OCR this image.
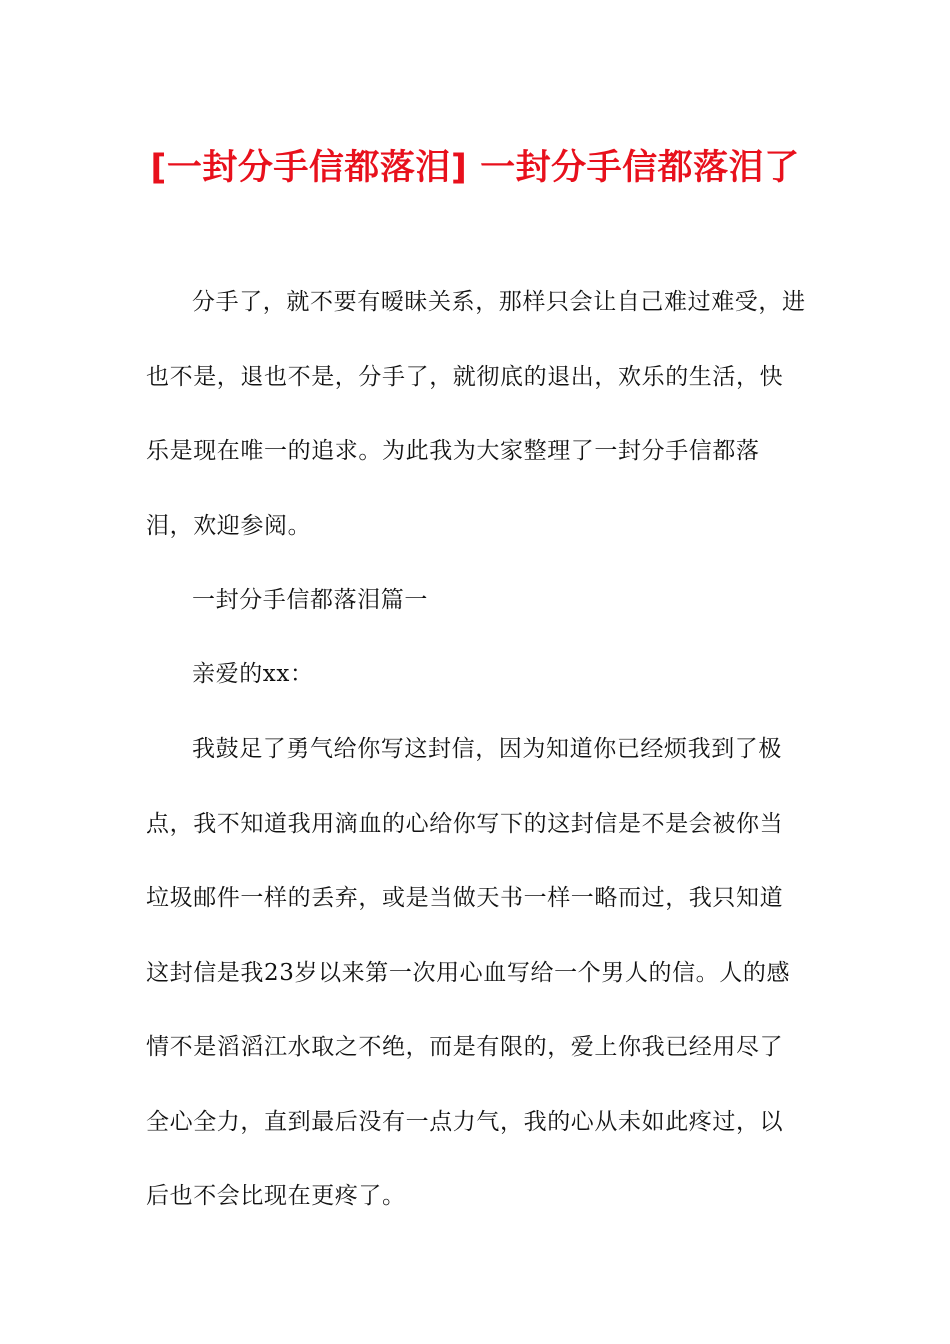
[一封分手信都落泪] 一封分手信都落泪了

分手了，就不要有暧昧关系，那样只会让自己难过难受，进也不是，退也不是，分手了，就彻底的退出，欢乐的生活，快乐是现在唯一的追求。为此我为大家整理了一封分手信都落泪，欢迎参阅。

一封分手信都落泪篇一

亲爱的xx：

我鼓足了勇气给你写这封信，因为知道你已经烦我到了极点，我不知道我用滴血的心给你写下的这封信是不是会被你当垃圾邮件一样的丢弃，或是当做天书一样一略而过，我只知道这封信是我23岁以来第一次用心血写给一个男人的信。人的感情不是滔滔江水取之不绝，而是有限的，爱上你我已经用尽了全心全力，直到最后没有一点力气，我的心从未如此疼过，以后也不会比现在更疼了。
